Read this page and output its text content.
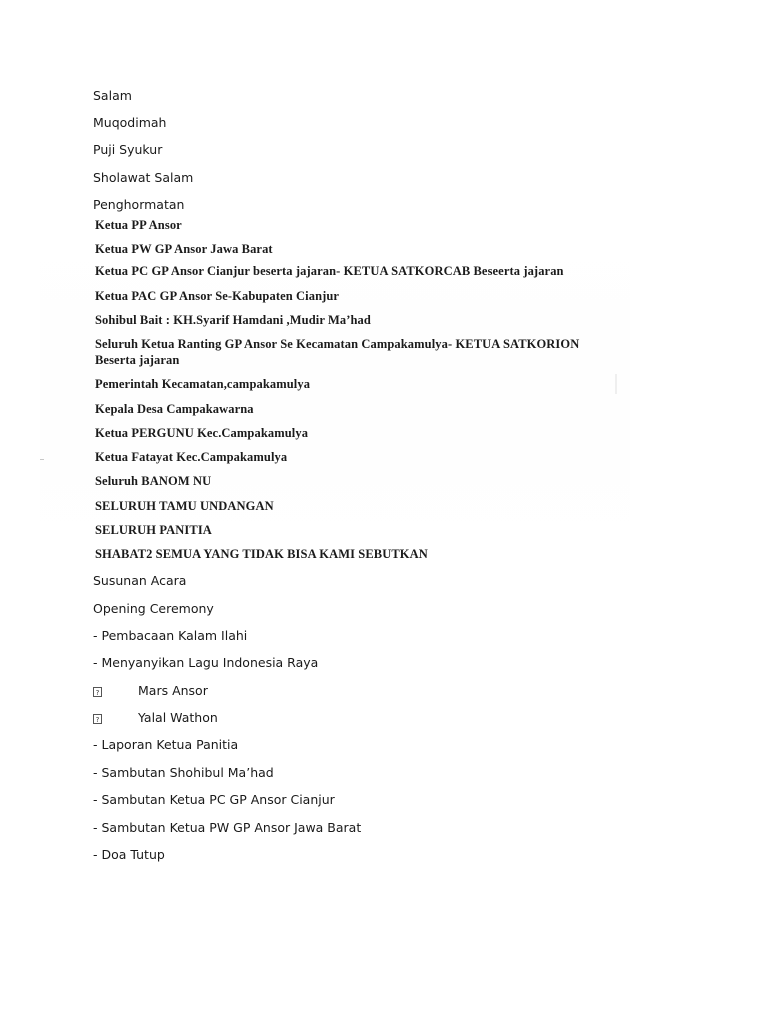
Salam
Muqodimah
Puji Syukur
Sholawat Salam
Penghormatan
Ketua PP Ansor
Ketua PW GP Ansor Jawa Barat
Ketua PC GP Ansor Cianjur beserta jajaran- KETUA SATKORCAB Beseerta jajaran
Ketua PAC GP Ansor Se-Kabupaten Cianjur
Sohibul Bait : KH.Syarif Hamdani ,Mudir Ma’had
Seluruh Ketua Ranting GP Ansor Se Kecamatan Campakamulya- KETUA SATKORION Beserta jajaran
Pemerintah Kecamatan,campakamulya
Kepala Desa Campakawarna
Ketua PERGUNU Kec.Campakamulya
Ketua Fatayat Kec.Campakamulya
Seluruh BANOM NU
SELURUH TAMU UNDANGAN
SELURUH PANITIA
SHABAT2 SEMUA YANG TIDAK BISA KAMI SEBUTKAN
Susunan Acara
Opening Ceremony
- Pembacaan Kalam Ilahi
- Menyanyikan Lagu Indonesia Raya
?	Mars Ansor
?	Yalal Wathon
- Laporan Ketua Panitia
- Sambutan Shohibul Ma’had
- Sambutan Ketua PC GP Ansor Cianjur
- Sambutan Ketua PW GP Ansor Jawa Barat
- Doa Tutup
